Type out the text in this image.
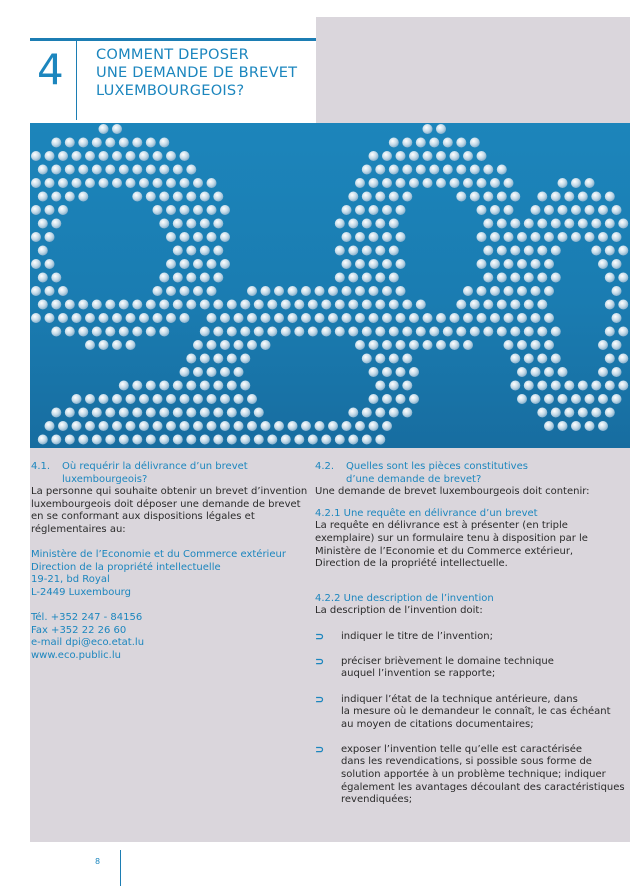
4 COMMENT DEPOSER
UNE DEMANDE DE BREVET
LUXEMBOURGEOIS?
4.1. Où requérir la délivrance d’un brevet
luxembourgeois?

La personne qui souhaite obtenir un brevet d’invention luxembourgeois doit déposer une demande de brevet en se conformant aux dispositions légales et réglementaires au:

Ministère de l’Economie et du Commerce extérieur
Direction de la propriété intellectuelle
19-21, bd Royal
L-2449 Luxembourg
Tél. +352 247 - 84156
Fax +352 22 26 60
e-mail dpi@eco.etat.lu
www.eco.public.lu
4.2. Quelles sont les pièces constitutives
d’une demande de brevet?
Une demande de brevet luxembourgeois doit contenir:
4.2.1 Une requête en délivrance d’un brevet

La requête en délivrance est à présenter (en triple exemplaire) sur un formulaire tenu à disposition par le Ministère de l’Economie et du Commerce extérieur, Direction de la propriété intellectuelle.

4.2.2 Une description de l’invention
La description de l’invention doit:
⊃ indiquer le titre de l’invention;
⊃ préciser brièvement le domaine technique
auquel l’invention se rapporte;
⊃ indiquer l’état de la technique antérieure, dans
la mesure où le demandeur le connaît, le cas échéant
au moyen de citations documentaires;
⊃ exposer l’invention telle qu’elle est caractérisée
dans les revendications, si possible sous forme de
solution apportée à un problème technique; indiquer
également les avantages découlant des caractéristiques
revendiquées;
8
